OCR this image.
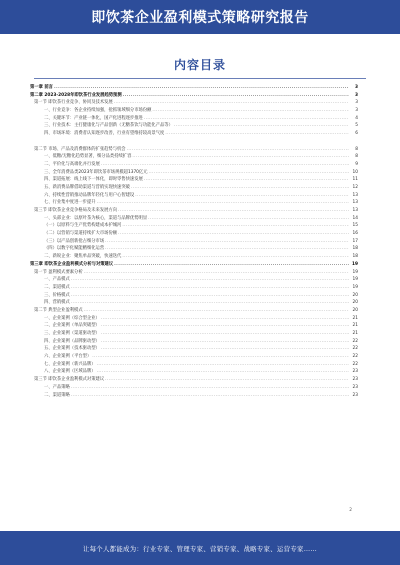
即饮茶企业盈利模式策略研究报告
内容目录
第一章 前言 .....	3
第二章 2023-2028年即饮茶行业发展趋势预测 .....	3
第一节 即饮茶行业竞争、协同及技术发展 .....	3
一、行业竞争：各企业持续加强，抢抓领域细分市场份额 .....	3
二、关键环节：产业链一体化，国产化进程逐步推进 .....	4
三、行业技术：主打健康化与产品创新（无糖茶饮与功能化产品等） .....	5
四、市场环境：消费者认知逐步改善，行业有望维持较高景气度 .....	6
第二节 市场、产品及消费群体的扩张趋势与机会 .....	8
一、低糖/无糖化趋势显著，细分品类持续扩容 .....	8
二、平价化与高端化并行发展 .....	9
三、全年消费品类2023年即饮茶市场规模超1370亿元 .....	10
四、渠道拓展：线上线下一体化，即时零售快速发展 .....	11
五、新消费品牌借助渠道与营销实现快速突破 .....	12
六、持续性营销推动品牌年轻化与用户心智建设 .....	13
七、行业集中度进一步提升 .....	13
第三节 即饮茶企业竞争格局及未来发展方向 .....	13
一、头部企业：以原叶茶为核心，渠道与品牌优势明显 .....	14
（一）以原料与生产优势构建成本护城河 .....	15
（二）以营销与渠道持续扩大市场份额 .....	16
（三）以产品创新抢占细分市场 .....	17
（四）以数字化赋能精细化运营 .....	18
二、新锐企业：聚焦单品突破，快速迭代 .....	18
第三章 即饮茶企业盈利模式分析与对策建议 .....	19
第一节 盈利模式要素分析 .....	19
一、产品模式 .....	19
二、渠道模式 .....	19
三、价格模式 .....	20
四、营销模式 .....	20
第二节 典型企业盈利模式 .....	20
一、企业案例（综合型企业） .....	21
二、企业案例（单品突破型） .....	21
三、企业案例（渠道驱动型） .....	21
四、企业案例（品牌驱动型） .....	22
五、企业案例（技术驱动型） .....	22
六、企业案例（平台型） .....	22
七、企业案例（新兴品牌） .....	22
八、企业案例（区域品牌） .....	23
第三节 即饮茶企业盈利模式对策建议 .....	23
一、产品策略 .....	23
二、渠道策略 .....	23
2
让每个人都能成为：行业专家、管理专家、营销专家、战略专家、运营专家……
